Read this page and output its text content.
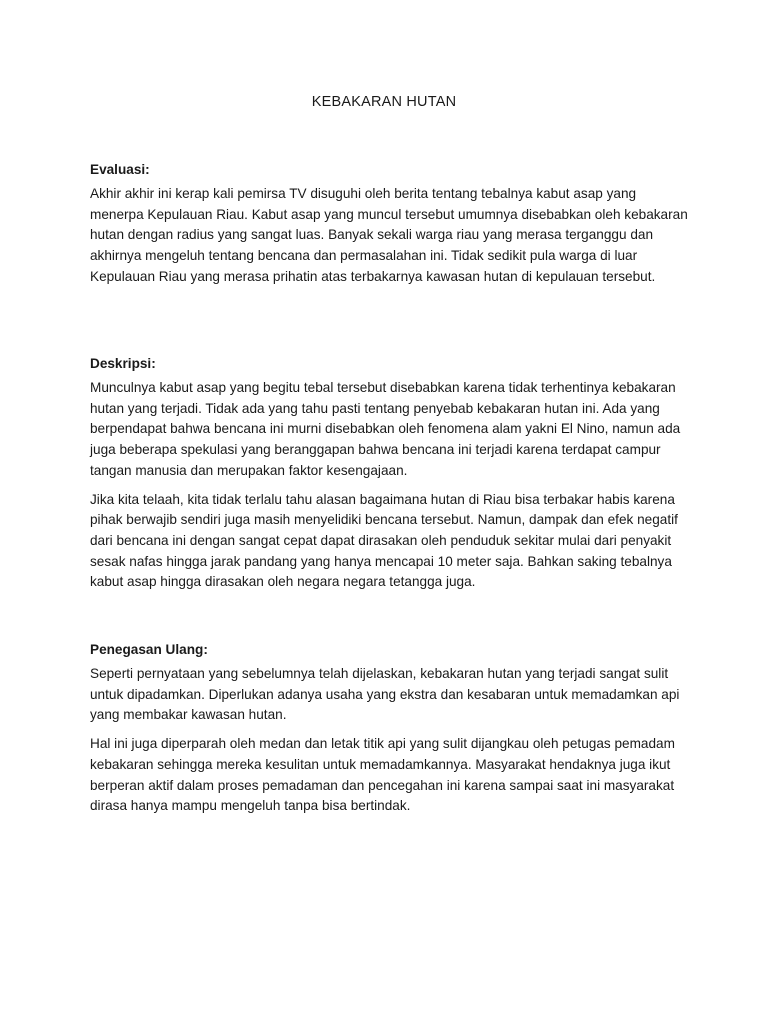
KEBAKARAN HUTAN

Evaluasi:

Akhir akhir ini kerap kali pemirsa TV disuguhi oleh berita tentang tebalnya kabut asap yang menerpa Kepulauan Riau. Kabut asap yang muncul tersebut umumnya disebabkan oleh kebakaran hutan dengan radius yang sangat luas. Banyak sekali warga riau yang merasa terganggu dan akhirnya mengeluh tentang bencana dan permasalahan ini. Tidak sedikit pula warga di luar Kepulauan Riau yang merasa prihatin atas terbakarnya kawasan hutan di kepulauan tersebut.

Deskripsi:

Munculnya kabut asap yang begitu tebal tersebut disebabkan karena tidak terhentinya kebakaran hutan yang terjadi. Tidak ada yang tahu pasti tentang penyebab kebakaran hutan ini. Ada yang berpendapat bahwa bencana ini murni disebabkan oleh fenomena alam yakni El Nino, namun ada juga beberapa spekulasi yang beranggapan bahwa bencana ini terjadi karena terdapat campur tangan manusia dan merupakan faktor kesengajaan.

Jika kita telaah, kita tidak terlalu tahu alasan bagaimana hutan di Riau bisa terbakar habis karena pihak berwajib sendiri juga masih menyelidiki bencana tersebut. Namun, dampak dan efek negatif dari bencana ini dengan sangat cepat dapat dirasakan oleh penduduk sekitar mulai dari penyakit sesak nafas hingga jarak pandang yang hanya mencapai 10 meter saja. Bahkan saking tebalnya kabut asap hingga dirasakan oleh negara negara tetangga juga.

Penegasan Ulang:

Seperti pernyataan yang sebelumnya telah dijelaskan, kebakaran hutan yang terjadi sangat sulit untuk dipadamkan. Diperlukan adanya usaha yang ekstra dan kesabaran untuk memadamkan api yang membakar kawasan hutan.

Hal ini juga diperparah oleh medan dan letak titik api yang sulit dijangkau oleh petugas pemadam kebakaran sehingga mereka kesulitan untuk memadamkannya. Masyarakat hendaknya juga ikut berperan aktif dalam proses pemadaman dan pencegahan ini karena sampai saat ini masyarakat dirasa hanya mampu mengeluh tanpa bisa bertindak.
